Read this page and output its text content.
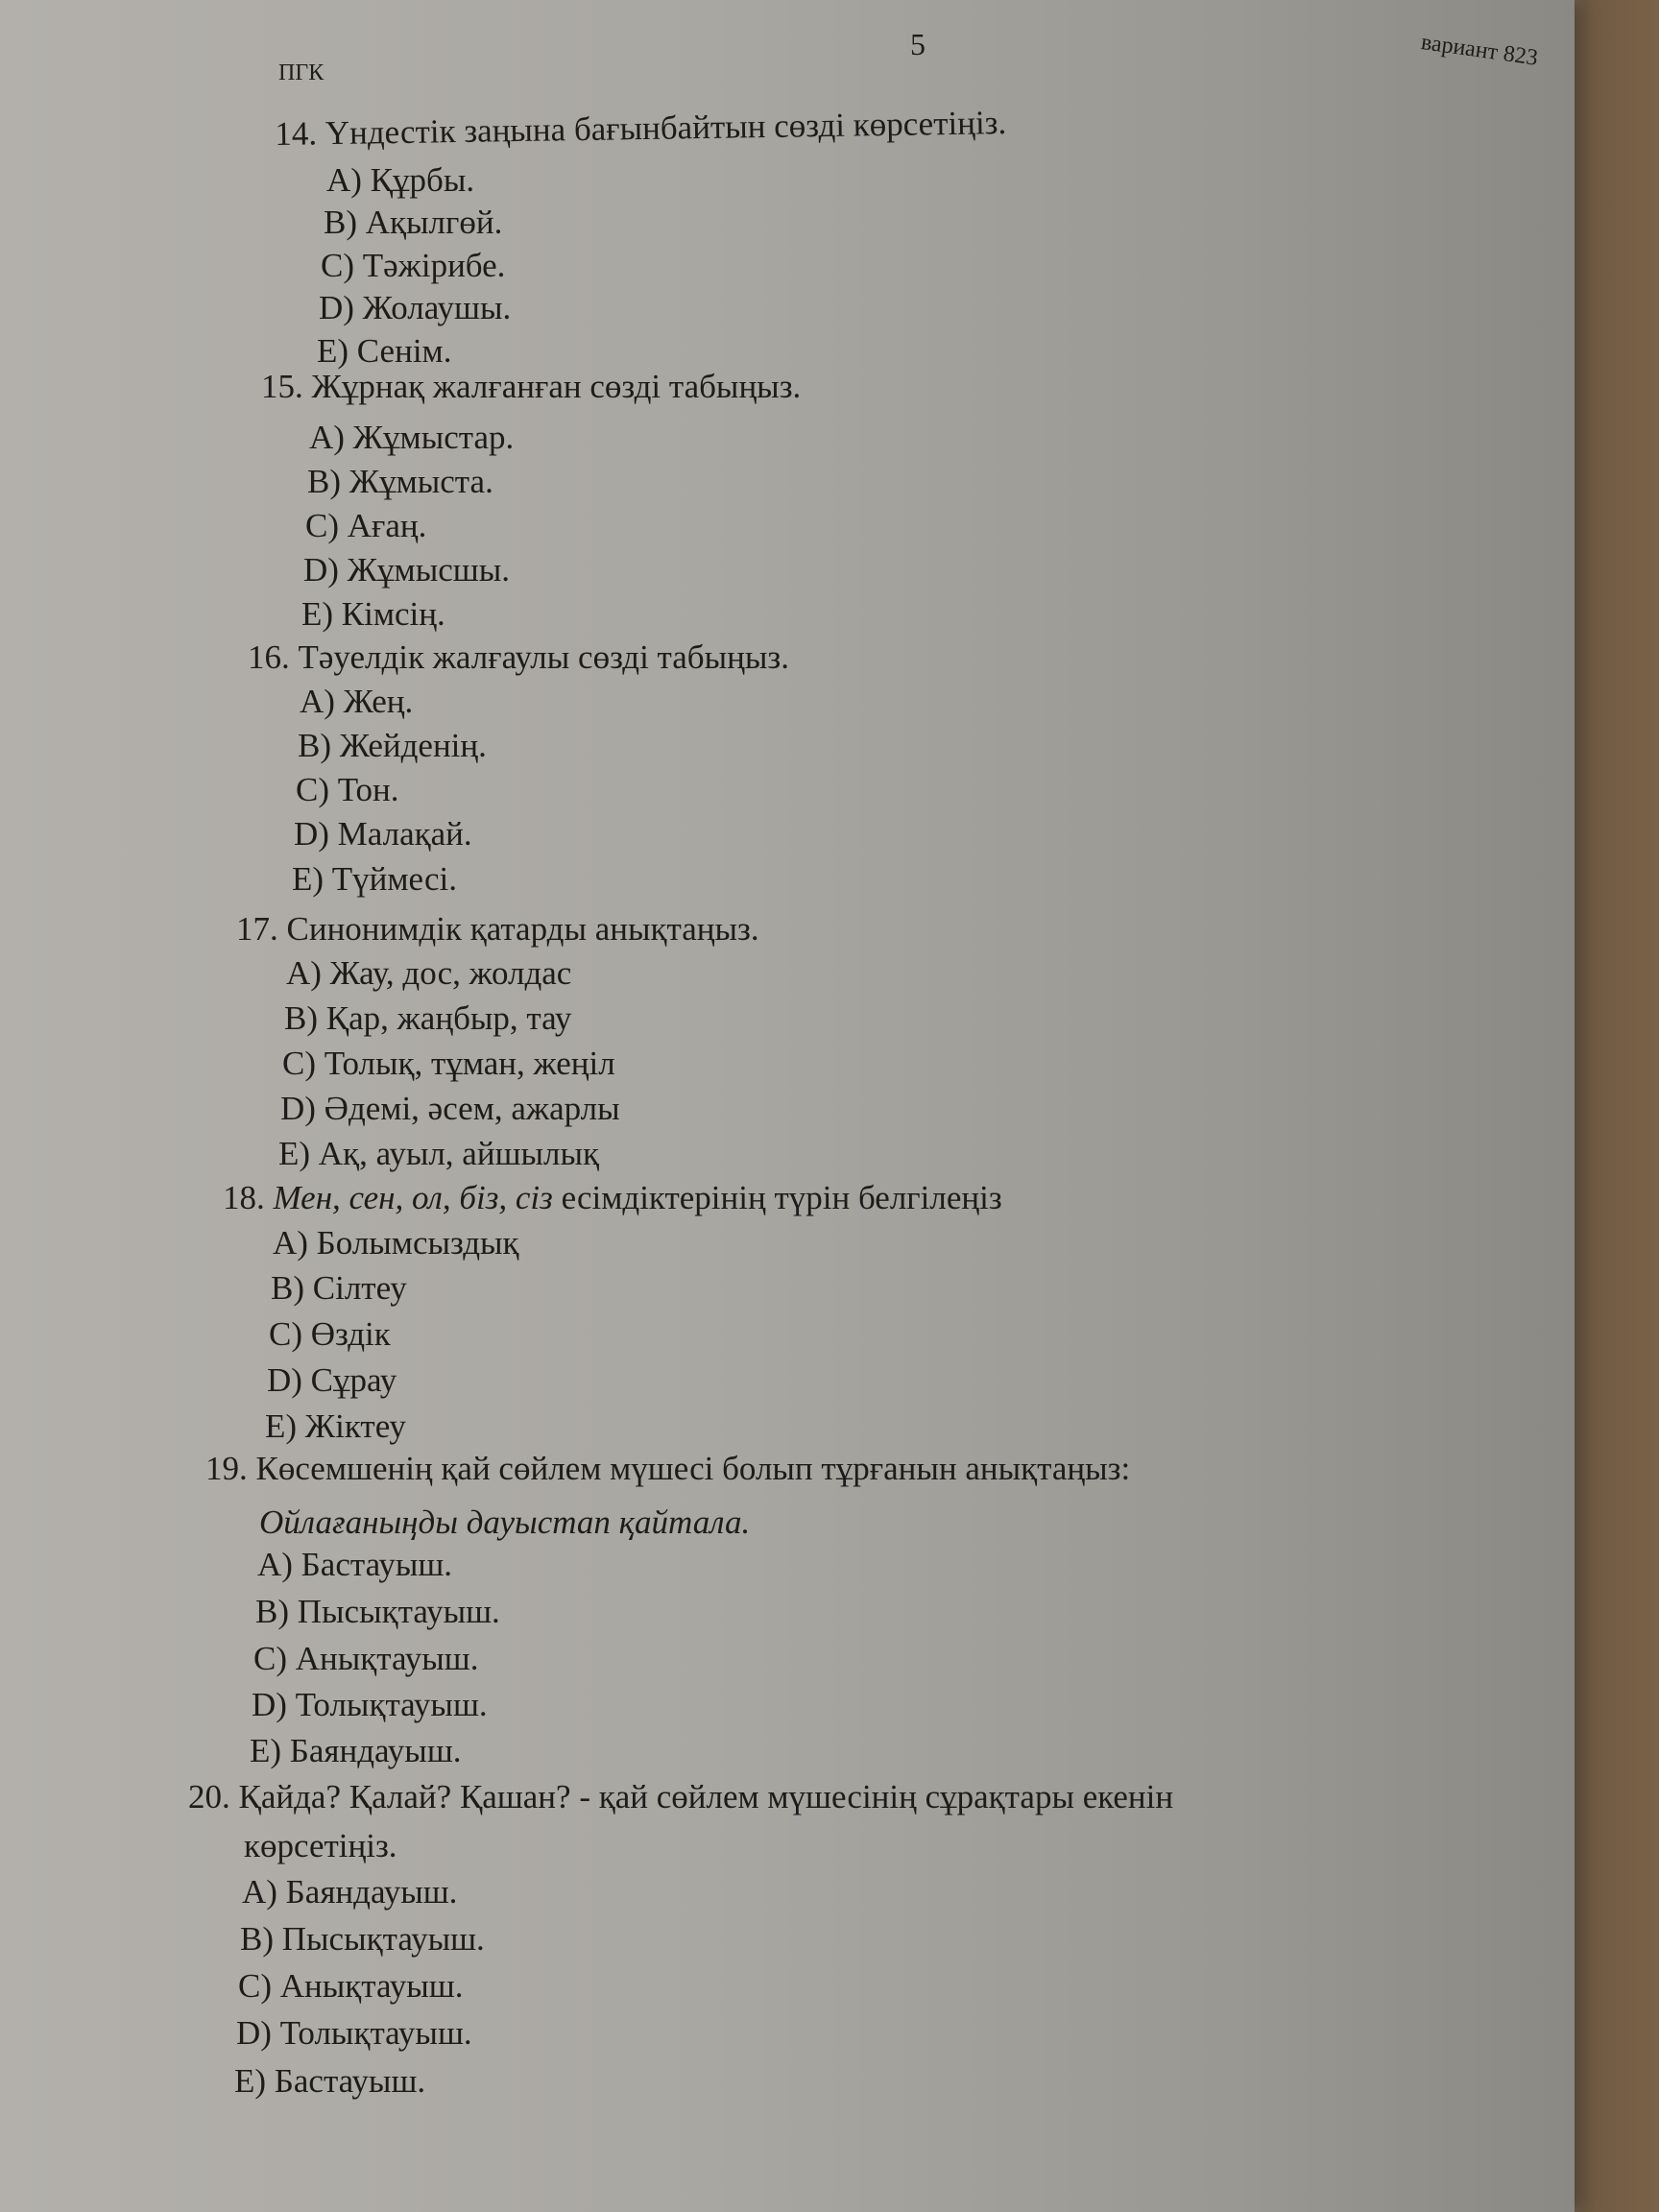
ПГК
5	вариант 823
14. Үндестік заңына бағынбайтын сөзді көрсетіңіз.
A) Құрбы.
B) Ақылгөй.
C) Тәжірибе.
D) Жолаушы.
E) Сенім.
15. Жұрнақ жалғанған сөзді табыңыз.
A) Жұмыстар.
B) Жұмыста.
C) Ағаң.
D) Жұмысшы.
E) Кімсің.
16. Тәуелдік жалғаулы сөзді табыңыз.
A) Жең.
B) Жейденің.
C) Тон.
D) Малақай.
E) Түймесі.
17. Синонимдік қатарды анықтаңыз.
A) Жау, дос, жолдас
B) Қар, жаңбыр, тау
C) Толық, тұман, жеңіл
D) Әдемі, әсем, ажарлы
E) Ақ, ауыл, айшылық
18. Мен, сен, ол, біз, сіз есімдіктерінің түрін белгілеңіз
A) Болымсыздық
B) Сілтеу
C) Өздік
D) Сұрау
E) Жіктеу
19. Көсемшенің қай сөйлем мүшесі болып тұрғанын анықтаңыз:
Ойлағаныңды дауыстап қайтала.
A) Бастауыш.
B) Пысықтауыш.
C) Анықтауыш.
D) Толықтауыш.
E) Баяндауыш.
20. Қайда? Қалай? Қашан? - қай сөйлем мүшесінің сұрақтары екенін
көрсетіңіз.
A) Баяндауыш.
B) Пысықтауыш.
C) Анықтауыш.
D) Толықтауыш.
E) Бастауыш.
